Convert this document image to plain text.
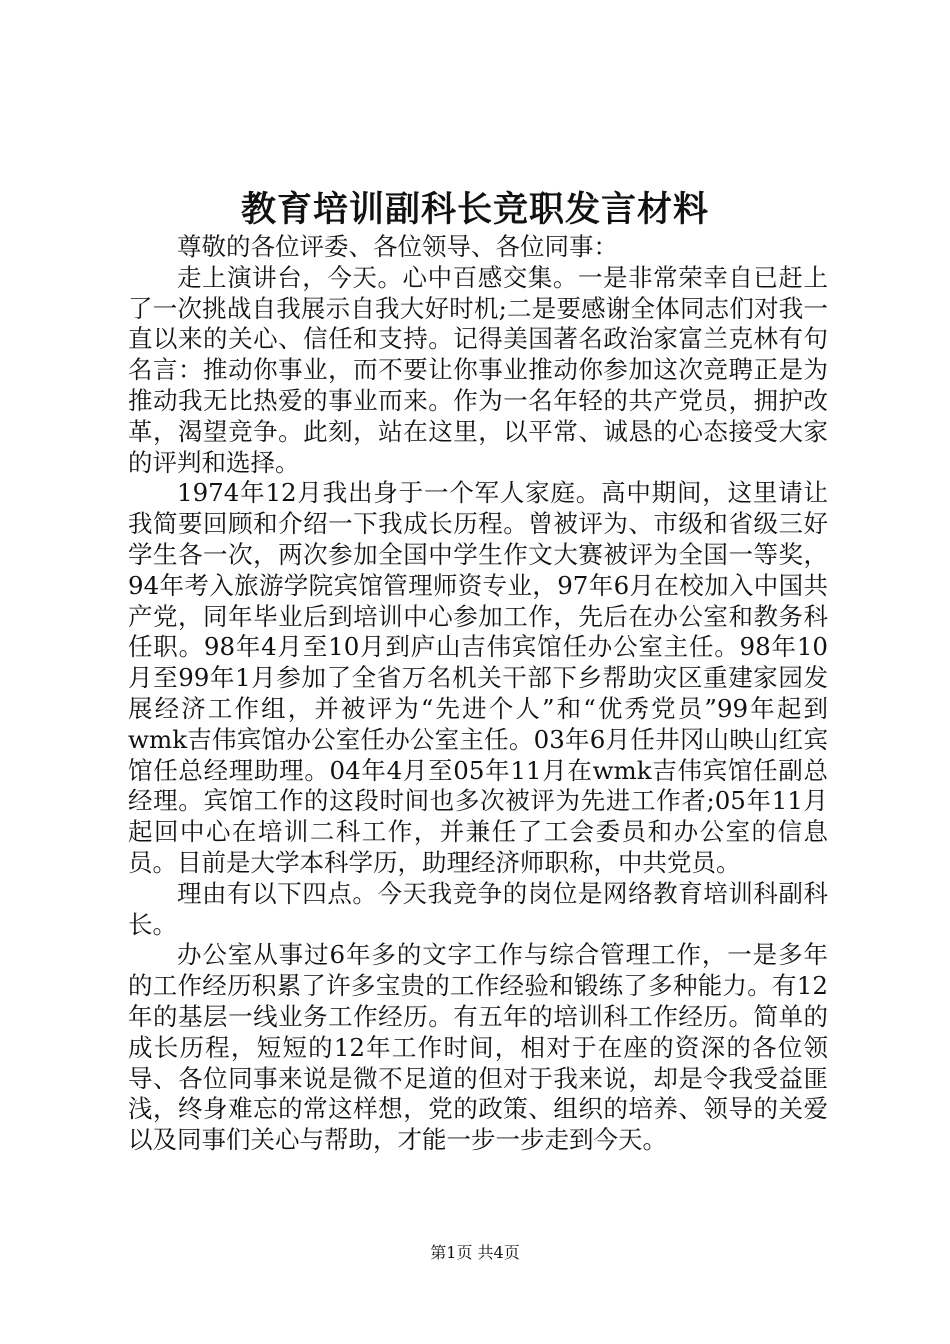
教育培训副科长竞职发言材料

尊敬的各位评委、各位领导、各位同事：

走上演讲台，今天。心中百感交集。一是非常荣幸自已赶上了一次挑战自我展示自我大好时机;二是要感谢全体同志们对我一直以来的关心、信任和支持。记得美国著名政治家富兰克林有句名言：推动你事业，而不要让你事业推动你参加这次竞聘正是为推动我无比热爱的事业而来。作为一名年轻的共产党员，拥护改革，渴望竞争。此刻，站在这里，以平常、诚恳的心态接受大家的评判和选择。

1974年12月我出身于一个军人家庭。高中期间，这里请让我简要回顾和介绍一下我成长历程。曾被评为、市级和省级三好学生各一次，两次参加全国中学生作文大赛被评为全国一等奖，94年考入旅游学院宾馆管理师资专业，97年6月在校加入中国共产党，同年毕业后到培训中心参加工作，先后在办公室和教务科任职。98年4月至10月到庐山吉伟宾馆任办公室主任。98年10月至99年1月参加了全省万名机关干部下乡帮助灾区重建家园发展经济工作组，并被评为“先进个人”和“优秀党员”99年起到wmk吉伟宾馆办公室任办公室主任。03年6月任井冈山映山红宾馆任总经理助理。04年4月至05年11月在wmk吉伟宾馆任副总经理。宾馆工作的这段时间也多次被评为先进工作者;05年11月起回中心在培训二科工作，并兼任了工会委员和办公室的信息员。目前是大学本科学历，助理经济师职称，中共党员。

理由有以下四点。今天我竞争的岗位是网络教育培训科副科长。

办公室从事过6年多的文字工作与综合管理工作，一是多年的工作经历积累了许多宝贵的工作经验和锻练了多种能力。有12年的基层一线业务工作经历。有五年的培训科工作经历。简单的成长历程，短短的12年工作时间，相对于在座的资深的各位领导、各位同事来说是微不足道的但对于我来说，却是令我受益匪浅，终身难忘的常这样想，党的政策、组织的培养、领导的关爱以及同事们关心与帮助，才能一步一步走到今天。

第1页 共4页
